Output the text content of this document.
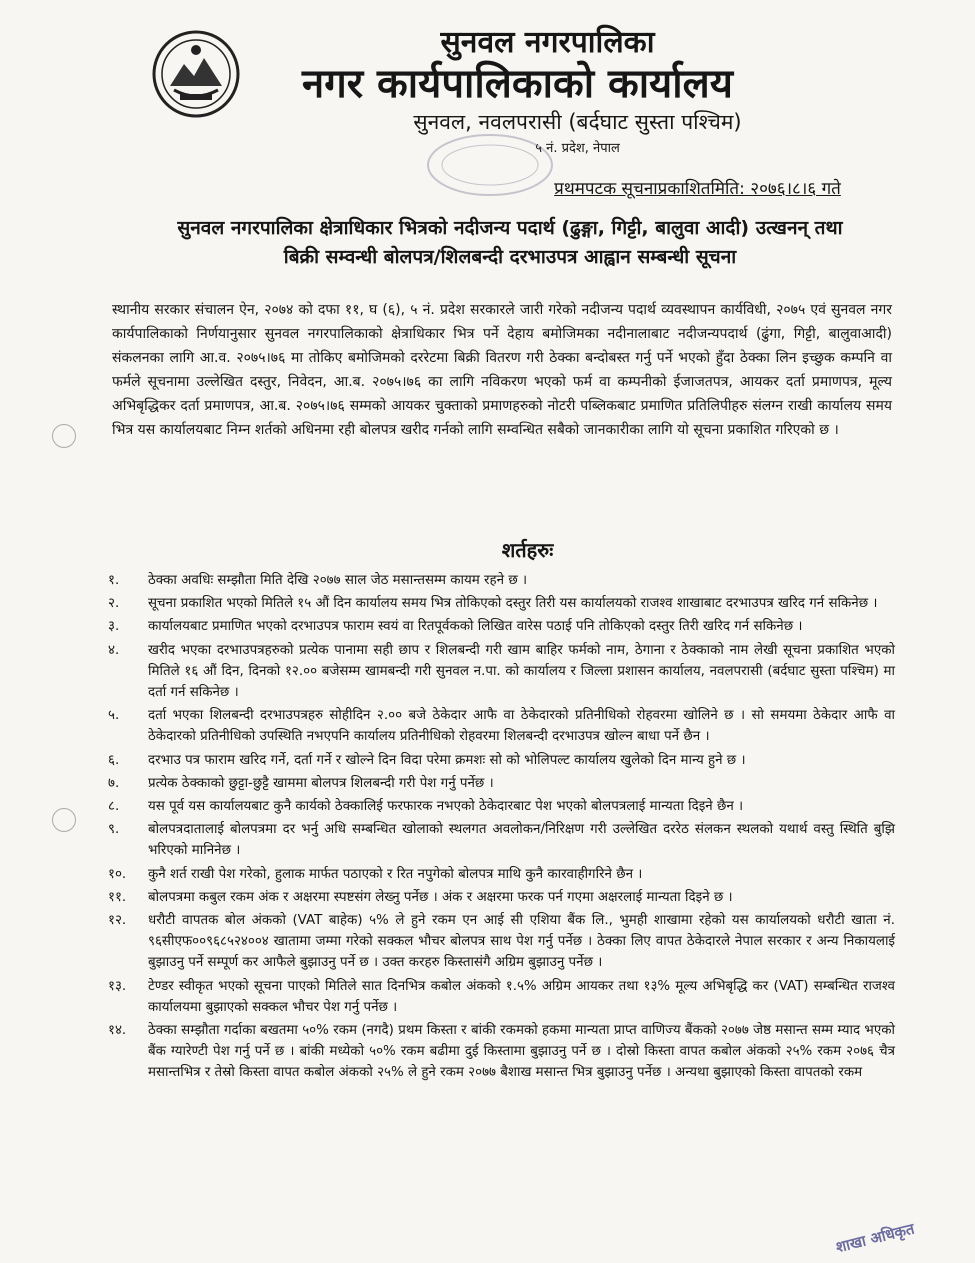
सुनवल नगरपालिका
नगर कार्यपालिकाको कार्यालय
सुनवल, नवलपरासी (बर्दघाट सुस्ता पश्चिम)
५ नं. प्रदेश, नेपाल
प्रथमपटक सूचनाप्रकाशितमिति: २०७६।८।६ गते
सुनवल नगरपालिका क्षेत्राधिकार भित्रको नदीजन्य पदार्थ (ढुङ्गा, गिट्टी, बालुवा आदी) उत्खनन् तथा
बिक्री सम्वन्धी बोलपत्र/शिलबन्दी दरभाउपत्र आह्वान सम्बन्धी सूचना
स्थानीय सरकार संचालन ऐन, २०७४ को दफा ११, घ (६), ५ नं. प्रदेश सरकारले जारी गरेको नदीजन्य पदार्थ व्यवस्थापन कार्यविधी, २०७५ एवं सुनवल नगर कार्यपालिकाको निर्णयानुसार सुनवल नगरपालिकाको क्षेत्राधिकार भित्र पर्ने देहाय बमोजिमका नदीनालाबाट नदीजन्यपदार्थ (ढुंगा, गिट्टी, बालुवाआदी) संकलनका लागि आ.व. २०७५।७६ मा तोकिए बमोजिमको दररेटमा बिक्री वितरण गरी ठेक्का बन्दोबस्त गर्नु पर्ने भएको हुँदा ठेक्का लिन इच्छुक कम्पनि वा फर्मले सूचनामा उल्लेखित दस्तुर, निवेदन, आ.ब. २०७५।७६ का लागि नविकरण भएको फर्म वा कम्पनीको ईजाजतपत्र, आयकर दर्ता प्रमाणपत्र, मूल्य अभिबृद्धिकर दर्ता प्रमाणपत्र, आ.ब. २०७५।७६ सम्मको आयकर चुक्ताको प्रमाणहरुको नोटरी पब्लिकबाट प्रमाणित प्रतिलिपीहरु संलग्न राखी कार्यालय समय भित्र यस कार्यालयबाट निम्न शर्तको अधिनमा रही बोलपत्र खरीद गर्नको लागि सम्वन्धित सबैको जानकारीका लागि यो सूचना प्रकाशित गरिएको छ ।
शर्तहरुः
१.	ठेक्का अवधिः सम्झौता मिति देखि २०७७ साल जेठ मसान्तसम्म कायम रहने छ ।
२.	सूचना प्रकाशित भएको मितिले १५ औं दिन कार्यालय समय भित्र तोकिएको दस्तुर तिरी यस कार्यालयको राजश्व शाखाबाट दरभाउपत्र खरिद गर्न सकिनेछ ।
३.	कार्यालयबाट प्रमाणित भएको दरभाउपत्र फाराम स्वयं वा रितपूर्वकको लिखित वारेस पठाई पनि तोकिएको दस्तुर तिरी खरिद गर्न सकिनेछ ।
४.	खरीद भएका दरभाउपत्रहरुको प्रत्येक पानामा सही छाप र शिलबन्दी गरी खाम बाहिर फर्मको नाम, ठेगाना र ठेक्काको नाम लेखी सूचना प्रकाशित भएको मितिले १६ औं दिन, दिनको १२.०० बजेसम्म खामबन्दी गरी सुनवल न.पा. को कार्यालय र जिल्ला प्रशासन कार्यालय, नवलपरासी (बर्दघाट सुस्ता पश्चिम) मा दर्ता गर्न सकिनेछ ।
५.	दर्ता भएका शिलबन्दी दरभाउपत्रहरु सोहीदिन २.०० बजे ठेकेदार आफै वा ठेकेदारको प्रतिनीधिको रोहवरमा खोलिने छ । सो समयमा ठेकेदार आफै वा ठेकेदारको प्रतिनीधिको उपस्थिति नभएपनि कार्यालय प्रतिनीधिको रोहवरमा शिलबन्दी दरभाउपत्र खोल्न बाधा पर्ने छैन ।
६.	दरभाउ पत्र फाराम खरिद गर्ने, दर्ता गर्ने र खोल्ने दिन विदा परेमा क्रमशः सो को भोलिपल्ट कार्यालय खुलेको दिन मान्य हुने छ ।
७.	प्रत्येक ठेक्काको छुट्टा-छुट्टै खाममा बोलपत्र शिलबन्दी गरी पेश गर्नु पर्नेछ ।
८.	यस पूर्व यस कार्यालयबाट कुनै कार्यको ठेक्कालिई फरफारक नभएको ठेकेदारबाट पेश भएको बोलपत्रलाई मान्यता दिइने छैन ।
९.	बोलपत्रदातालाई बोलपत्रमा दर भर्नु अधि सम्बन्धित खोलाको स्थलगत अवलोकन/निरिक्षण गरी उल्लेखित दररेठ संलकन स्थलको यथार्थ वस्तु स्थिति बुझि भरिएको मानिनेछ ।
१०.	कुनै शर्त राखी पेश गरेको, हुलाक मार्फत पठाएको र रित नपुगेको बोलपत्र माथि कुनै कारवाहीगरिने छैन ।
११.	बोलपत्रमा कबुल रकम अंक र अक्षरमा स्पष्टसंग लेख्नु पर्नेछ । अंक र अक्षरमा फरक पर्न गएमा अक्षरलाई मान्यता दिइने छ ।
१२.	धरौटी वापतक बोल अंकको (VAT बाहेक) ५% ले हुने रकम एन आई सी एशिया बैंक लि., भुमही शाखामा रहेको यस कार्यालयको धरौटी खाता नं. ९६सीएफ००९६८५२४००४ खातामा जम्मा गरेको सक्कल भौचर बोलपत्र साथ पेश गर्नु पर्नेछ । ठेक्का लिए वापत ठेकेदारले नेपाल सरकार र अन्य निकायलाई बुझाउनु पर्ने सम्पूर्ण कर आफैले बुझाउनु पर्ने छ । उक्त करहरु किस्तासंगै अग्रिम बुझाउनु पर्नेछ ।
१३.	टेण्डर स्वीकृत भएको सूचना पाएको मितिले सात दिनभित्र कबोल अंकको १.५% अग्रिम आयकर तथा १३% मूल्य अभिबृद्धि कर (VAT) सम्बन्धित राजश्व कार्यालयमा बुझाएको सक्कल भौचर पेश गर्नु पर्नेछ ।
१४.	ठेक्का सम्झौता गर्दाका बखतमा ५०% रकम (नगदै) प्रथम किस्ता र बांकी रकमको हकमा मान्यता प्राप्त वाणिज्य बैंकको २०७७ जेष्ठ मसान्त सम्म म्याद भएको बैंक ग्यारेण्टी पेश गर्नु पर्ने छ । बांकी मध्येको ५०% रकम बढीमा दुई किस्तामा बुझाउनु पर्ने छ । दोस्रो किस्ता वापत कबोल अंकको २५% रकम २०७६ चैत्र मसान्तभित्र र तेस्रो किस्ता वापत कबोल अंकको २५% ले हुने रकम २०७७ बैशाख मसान्त भित्र बुझाउनु पर्नेछ । अन्यथा बुझाएको किस्ता वापतको रकम
शाखा अधिकृत
